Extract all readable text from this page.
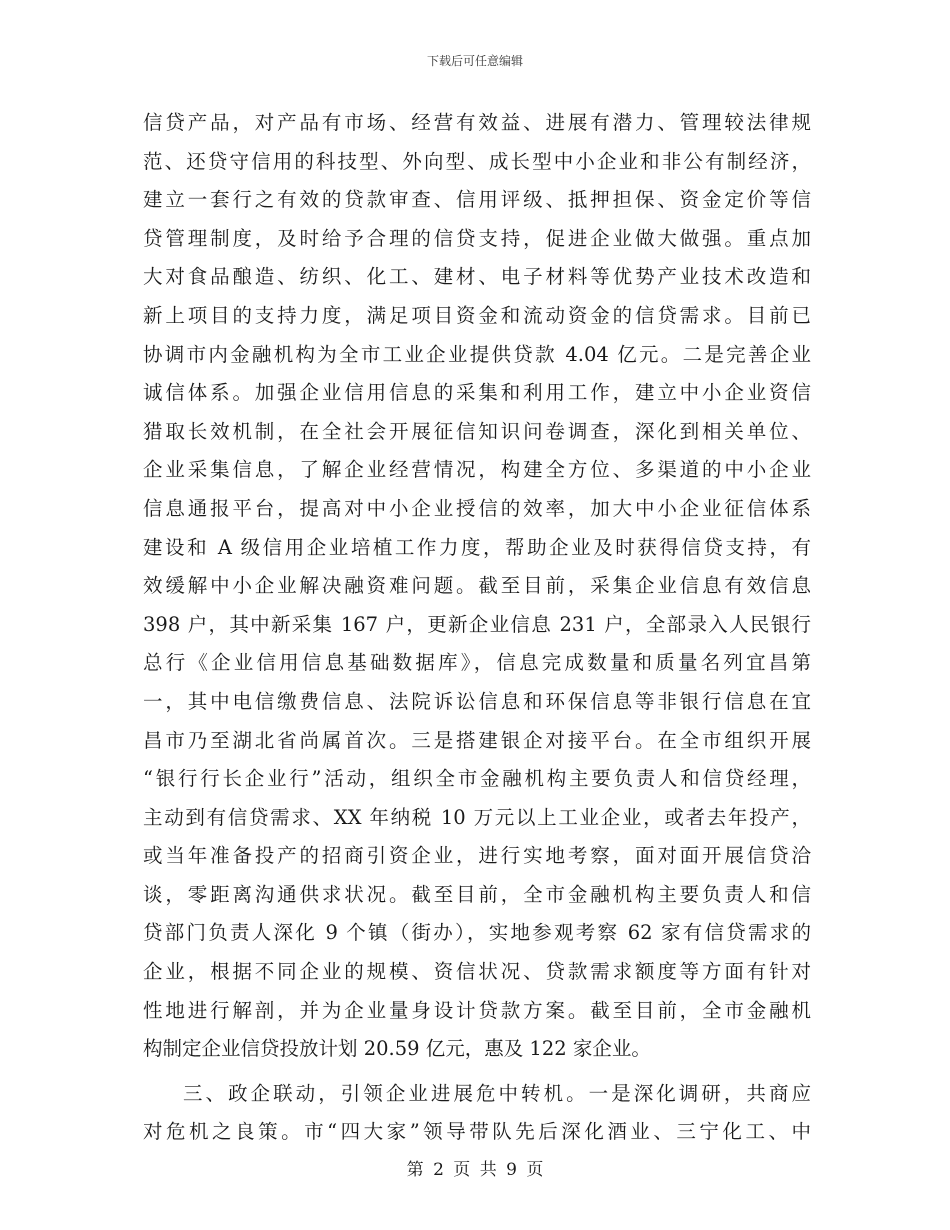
下载后可任意编辑
信贷产品，对产品有市场、经营有效益、进展有潜力、管理较法律规
范、还贷守信用的科技型、外向型、成长型中小企业和非公有制经济，
建立一套行之有效的贷款审查、信用评级、抵押担保、资金定价等信
贷管理制度，及时给予合理的信贷支持，促进企业做大做强。重点加
大对食品酿造、纺织、化工、建材、电子材料等优势产业技术改造和
新上项目的支持力度，满足项目资金和流动资金的信贷需求。目前已
协调市内金融机构为全市工业企业提供贷款 4.04 亿元。二是完善企业
诚信体系。加强企业信用信息的采集和利用工作，建立中小企业资信
猎取长效机制，在全社会开展征信知识问卷调查，深化到相关单位、
企业采集信息，了解企业经营情况，构建全方位、多渠道的中小企业
信息通报平台，提高对中小企业授信的效率，加大中小企业征信体系
建设和 A 级信用企业培植工作力度，帮助企业及时获得信贷支持，有
效缓解中小企业解决融资难问题。截至目前，采集企业信息有效信息
398 户，其中新采集 167 户，更新企业信息 231 户，全部录入人民银行
总行《企业信用信息基础数据库》，信息完成数量和质量名列宜昌第
一，其中电信缴费信息、法院诉讼信息和环保信息等非银行信息在宜
昌市乃至湖北省尚属首次。三是搭建银企对接平台。在全市组织开展
“银行行长企业行”活动，组织全市金融机构主要负责人和信贷经理，
主动到有信贷需求、XX 年纳税 10 万元以上工业企业，或者去年投产，
或当年准备投产的招商引资企业，进行实地考察，面对面开展信贷洽
谈，零距离沟通供求状况。截至目前，全市金融机构主要负责人和信
贷部门负责人深化 9 个镇（街办），实地参观考察 62 家有信贷需求的
企业，根据不同企业的规模、资信状况、贷款需求额度等方面有针对
性地进行解剖，并为企业量身设计贷款方案。截至目前，全市金融机
构制定企业信贷投放计划 20.59 亿元，惠及 122 家企业。
三、政企联动，引领企业进展危中转机。一是深化调研，共商应
对危机之良策。市“四大家”领导带队先后深化酒业、三宁化工、中
第 2 页 共 9 页
